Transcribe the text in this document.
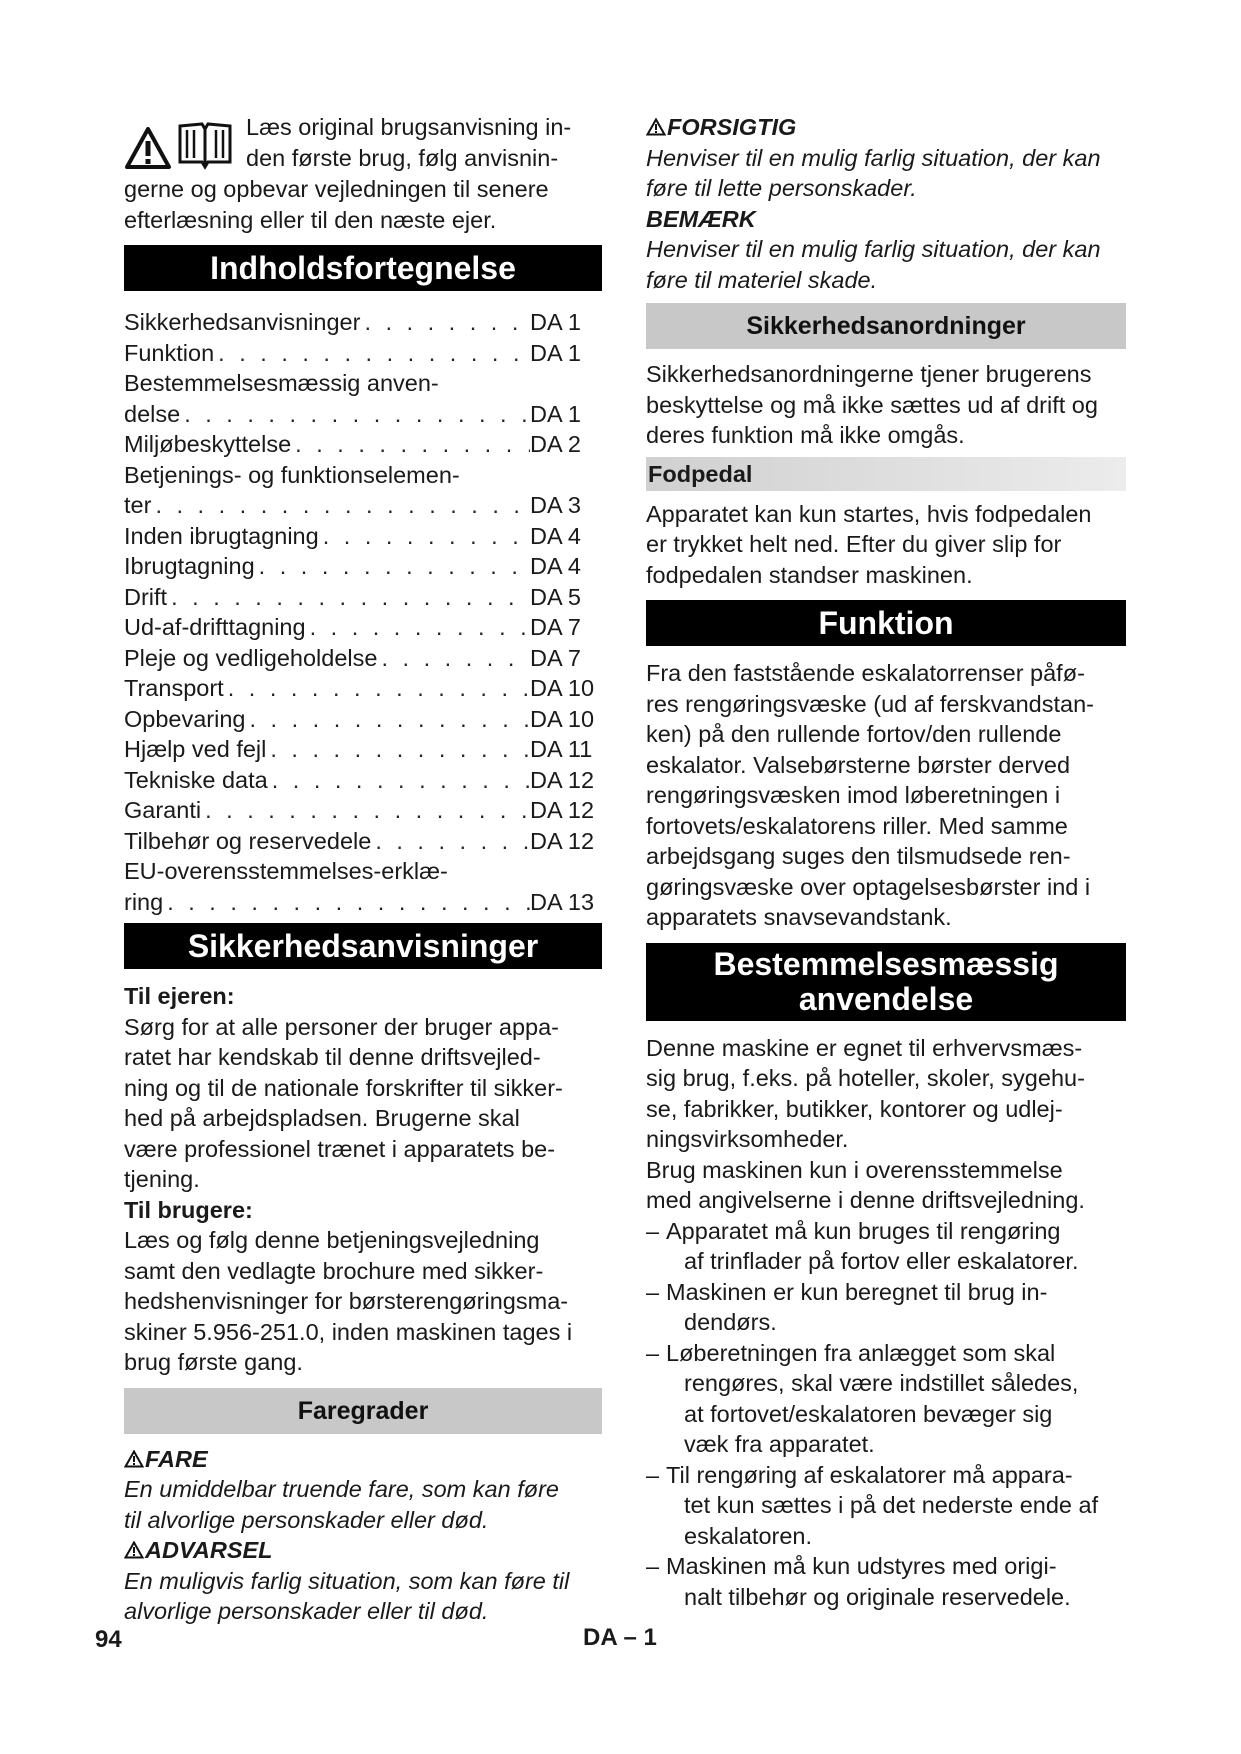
Læs original brugsanvisning in-

den første brug, følg anvisnin-

gerne og opbevar vejledningen til senere

efterlæsning eller til den næste ejer.

Indholdsfortegnelse
Sikkerhedsanvisninger . . .	DA 1
Funktion . . .	DA 1
Bestemmelsesmæssig anven-
delse . . .	DA 1
Miljøbeskyttelse . . .	DA 2
Betjenings- og funktionselemen-
ter . . .	DA 3
Inden ibrugtagning . . .	DA 4
Ibrugtagning . . .	DA 4
Drift . . .	DA 5
Ud-af-drifttagning . . .	DA 7
Pleje og vedligeholdelse . . .	DA 7
Transport . . .	DA 10
Opbevaring . . .	DA 10
Hjælp ved fejl . . .	DA 11
Tekniske data . . .	DA 12
Garanti . . .	DA 12
Tilbehør og reservedele . . .	DA 12
EU-overensstemmelses-erklæ-
ring . . .	DA 13
Sikkerhedsanvisninger

Til ejeren:

Sørg for at alle personer der bruger appa-

ratet har kendskab til denne driftsvejled-

ning og til de nationale forskrifter til sikker-

hed på arbejdspladsen. Brugerne skal

være professionel trænet i apparatets be-

tjening.

Til brugere:

Læs og følg denne betjeningsvejledning

samt den vedlagte brochure med sikker-

hedshenvisninger for børsterengøringsma-

skiner 5.956-251.0, inden maskinen tages i

brug første gang.

Faregrader

FARE

En umiddelbar truende fare, som kan føre

til alvorlige personskader eller død.

ADVARSEL

En muligvis farlig situation, som kan føre til

alvorlige personskader eller til død.

FORSIGTIG

Henviser til en mulig farlig situation, der kan

føre til lette personskader.

BEMÆRK

Henviser til en mulig farlig situation, der kan

føre til materiel skade.

Sikkerhedsanordninger

Sikkerhedsanordningerne tjener brugerens

beskyttelse og må ikke sættes ud af drift og

deres funktion må ikke omgås.

Fodpedal

Apparatet kan kun startes, hvis fodpedalen

er trykket helt ned. Efter du giver slip for

fodpedalen standser maskinen.

Funktion

Fra den faststående eskalatorrenser påfø-

res rengøringsvæske (ud af ferskvandstan-

ken) på den rullende fortov/den rullende

eskalator. Valsebørsterne børster derved

rengøringsvæsken imod løberetningen i

fortovets/eskalatorens riller. Med samme

arbejdsgang suges den tilsmudsede ren-

gøringsvæske over optagelsesbørster ind i

apparatets snavsevandstank.

Bestemmelsesmæssig
anvendelse

Denne maskine er egnet til erhvervsmæs-

sig brug, f.eks. på hoteller, skoler, sygehu-

se, fabrikker, butikker, kontorer og udlej-

ningsvirksomheder.

Brug maskinen kun i overensstemmelse

med angivelserne i denne driftsvejledning.

– Apparatet må kun bruges til rengøring

af trinflader på fortov eller eskalatorer.

– Maskinen er kun beregnet til brug in-

dendørs.

– Løberetningen fra anlægget som skal

rengøres, skal være indstillet således,

at fortovet/eskalatoren bevæger sig

væk fra apparatet.

– Til rengøring af eskalatorer må appara-

tet kun sættes i på det nederste ende af

eskalatoren.

– Maskinen må kun udstyres med origi-

nalt tilbehør og originale reservedele.

94	DA – 1
